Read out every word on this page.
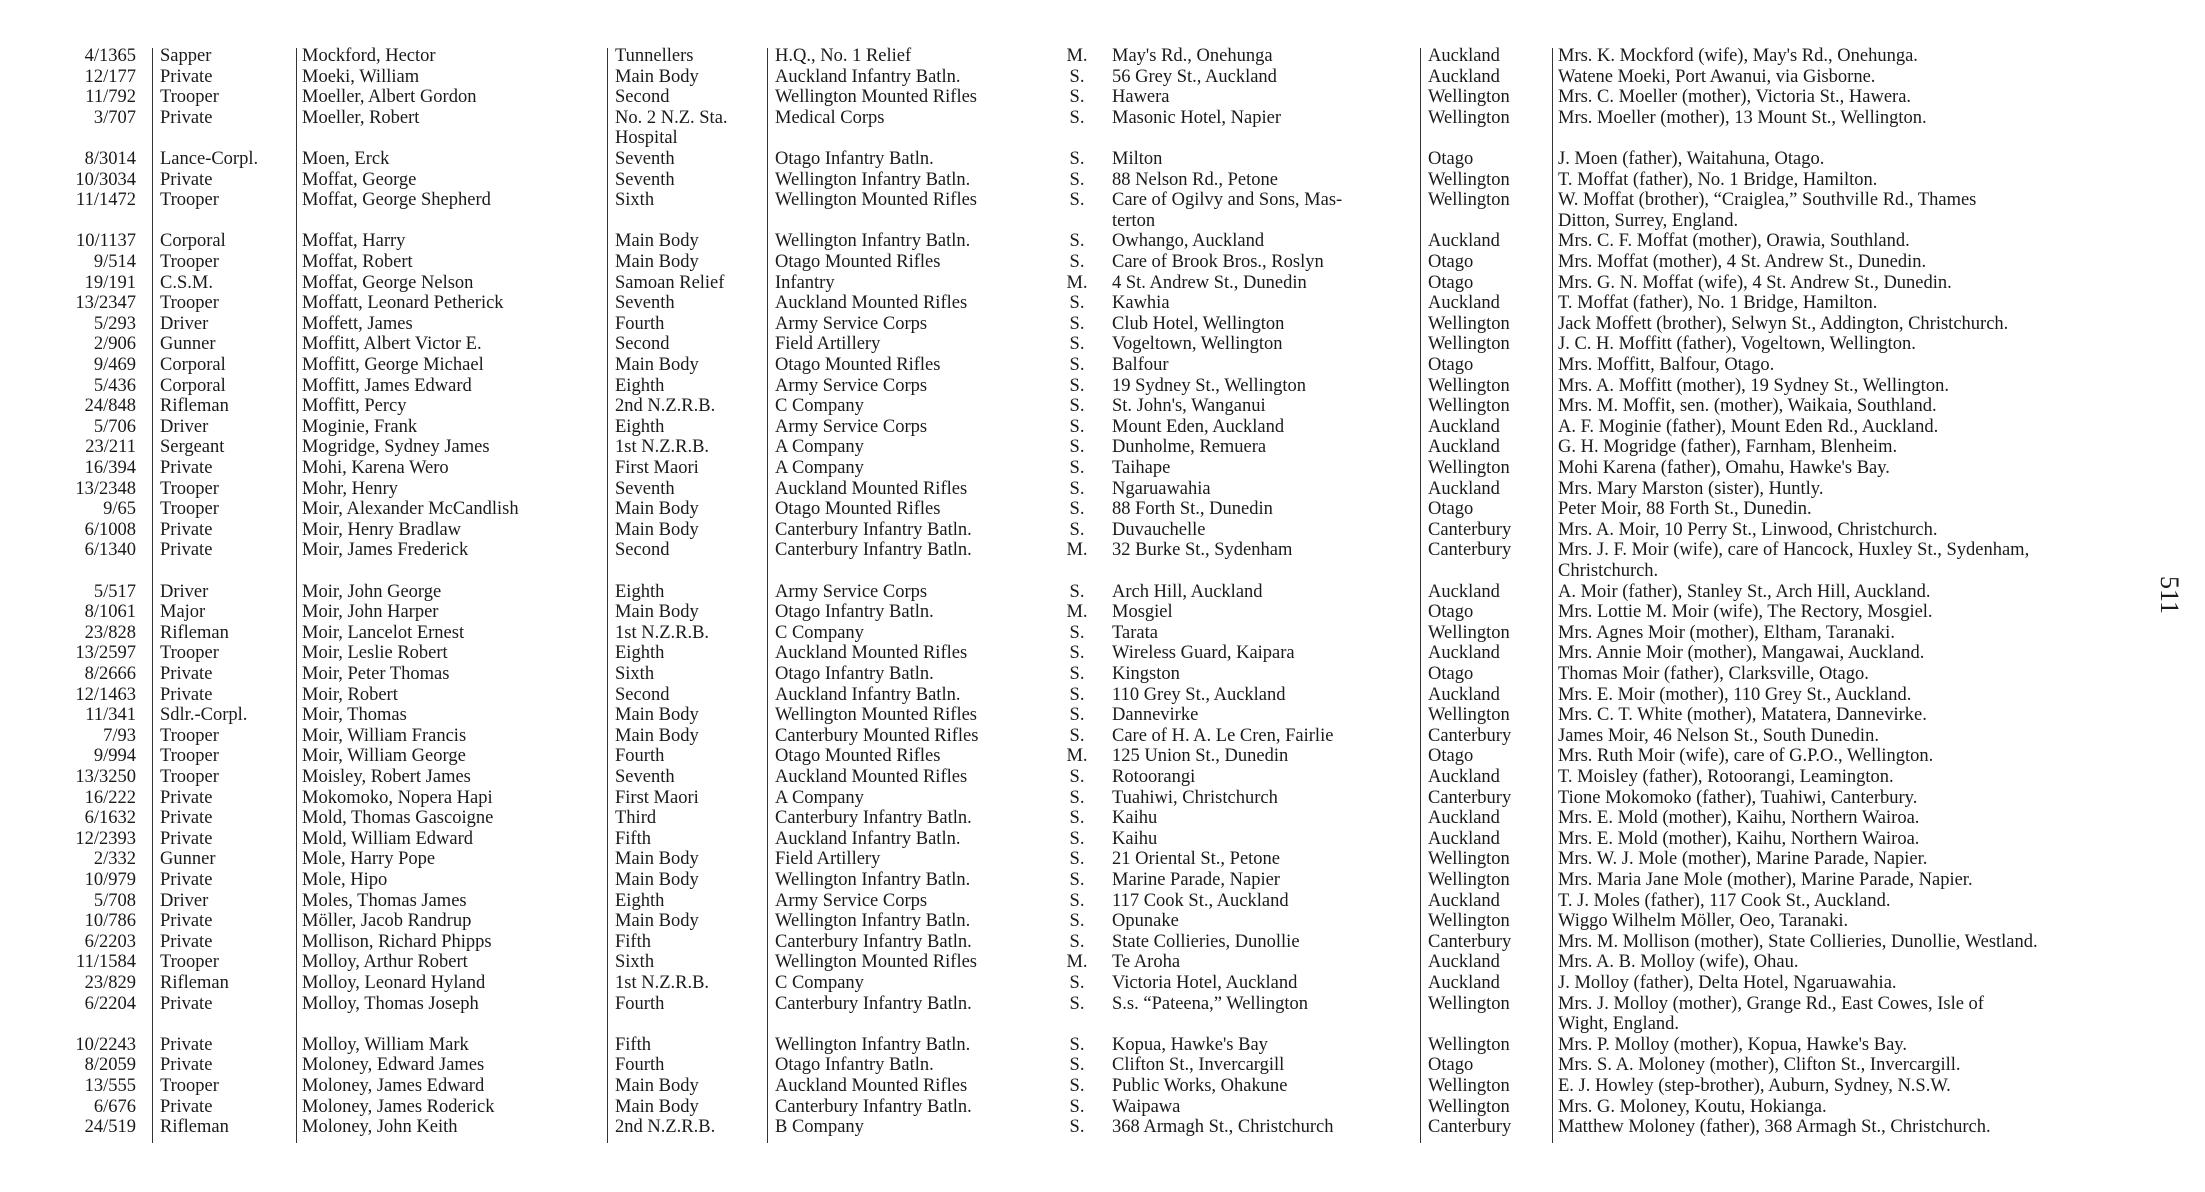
4/1365 Sapper	Mockford, Hector	Tunnellers	H.Q., No. 1 Relief	M.	May's Rd., Onehunga	Auckland	Mrs. K. Mockford (wife), May's Rd., Onehunga.
12/177 Private	Moeki, William	Main Body	Auckland Infantry Batln.	S.	56 Grey St., Auckland	Auckland	Watene Moeki, Port Awanui, via Gisborne.
11/792 Trooper	Moeller, Albert Gordon	Second	Wellington Mounted Rifles	S.	Hawera	Wellington	Mrs. C. Moeller (mother), Victoria St., Hawera.
3/707 Private	Moeller, Robert	No. 2 N.Z. Sta.	Medical Corps	S.	Masonic Hotel, Napier	Wellington	Mrs. Moeller (mother), 13 Mount St., Wellington.
Hospital
8/3014 Lance-Corpl.	Moen, Erck	Seventh	Otago Infantry Batln.	S.	Milton	Otago	J. Moen (father), Waitahuna, Otago.
10/3034 Private	Moffat, George	Seventh	Wellington Infantry Batln.	S.	88 Nelson Rd., Petone	Wellington	T. Moffat (father), No. 1 Bridge, Hamilton.
11/1472 Trooper	Moffat, George Shepherd	Sixth	Wellington Mounted Rifles	S.	Care of Ogilvy and Sons, Mas-	Wellington	W. Moffat (brother), “Craiglea,” Southville Rd., Thames
terton	Ditton, Surrey, England.
10/1137 Corporal	Moffat, Harry	Main Body	Wellington Infantry Batln.	S.	Owhango, Auckland	Auckland	Mrs. C. F. Moffat (mother), Orawia, Southland.
9/514 Trooper	Moffat, Robert	Main Body	Otago Mounted Rifles	S.	Care of Brook Bros., Roslyn	Otago	Mrs. Moffat (mother), 4 St. Andrew St., Dunedin.
19/191 C.S.M.	Moffat, George Nelson	Samoan Relief	Infantry	M.	4 St. Andrew St., Dunedin	Otago	Mrs. G. N. Moffat (wife), 4 St. Andrew St., Dunedin.
13/2347 Trooper	Moffatt, Leonard Petherick	Seventh	Auckland Mounted Rifles	S.	Kawhia	Auckland	T. Moffat (father), No. 1 Bridge, Hamilton.
5/293 Driver	Moffett, James	Fourth	Army Service Corps	S.	Club Hotel, Wellington	Wellington	Jack Moffett (brother), Selwyn St., Addington, Christchurch.
2/906 Gunner	Moffitt, Albert Victor E.	Second	Field Artillery	S.	Vogeltown, Wellington	Wellington	J. C. H. Moffitt (father), Vogeltown, Wellington.
9/469 Corporal	Moffitt, George Michael	Main Body	Otago Mounted Rifles	S.	Balfour	Otago	Mrs. Moffitt, Balfour, Otago.
5/436 Corporal	Moffitt, James Edward	Eighth	Army Service Corps	S.	19 Sydney St., Wellington	Wellington	Mrs. A. Moffitt (mother), 19 Sydney St., Wellington.
24/848 Rifleman	Moffitt, Percy	2nd N.Z.R.B.	C Company	S.	St. John's, Wanganui	Wellington	Mrs. M. Moffit, sen. (mother), Waikaia, Southland.
5/706 Driver	Moginie, Frank	Eighth	Army Service Corps	S.	Mount Eden, Auckland	Auckland	A. F. Moginie (father), Mount Eden Rd., Auckland.
23/211 Sergeant	Mogridge, Sydney James	1st N.Z.R.B.	A Company	S.	Dunholme, Remuera	Auckland	G. H. Mogridge (father), Farnham, Blenheim.
16/394 Private	Mohi, Karena Wero	First Maori	A Company	S.	Taihape	Wellington	Mohi Karena (father), Omahu, Hawke's Bay.
13/2348 Trooper	Mohr, Henry	Seventh	Auckland Mounted Rifles	S.	Ngaruawahia	Auckland	Mrs. Mary Marston (sister), Huntly.
9/65 Trooper	Moir, Alexander McCandlish	Main Body	Otago Mounted Rifles	S.	88 Forth St., Dunedin	Otago	Peter Moir, 88 Forth St., Dunedin.
6/1008 Private	Moir, Henry Bradlaw	Main Body	Canterbury Infantry Batln.	S.	Duvauchelle	Canterbury	Mrs. A. Moir, 10 Perry St., Linwood, Christchurch.
6/1340 Private	Moir, James Frederick	Second	Canterbury Infantry Batln.	M.	32 Burke St., Sydenham	Canterbury	Mrs. J. F. Moir (wife), care of Hancock, Huxley St., Sydenham,
Christchurch.
5/517 Driver	Moir, John George	Eighth	Army Service Corps	S.	Arch Hill, Auckland	Auckland	A. Moir (father), Stanley St., Arch Hill, Auckland.
8/1061 Major	Moir, John Harper	Main Body	Otago Infantry Batln.	M.	Mosgiel	Otago	Mrs. Lottie M. Moir (wife), The Rectory, Mosgiel.
23/828 Rifleman	Moir, Lancelot Ernest	1st N.Z.R.B.	C Company	S.	Tarata	Wellington	Mrs. Agnes Moir (mother), Eltham, Taranaki.
13/2597 Trooper	Moir, Leslie Robert	Eighth	Auckland Mounted Rifles	S.	Wireless Guard, Kaipara	Auckland	Mrs. Annie Moir (mother), Mangawai, Auckland.
8/2666 Private	Moir, Peter Thomas	Sixth	Otago Infantry Batln.	S.	Kingston	Otago	Thomas Moir (father), Clarksville, Otago.
12/1463 Private	Moir, Robert	Second	Auckland Infantry Batln.	S.	110 Grey St., Auckland	Auckland	Mrs. E. Moir (mother), 110 Grey St., Auckland.
11/341 Sdlr.-Corpl.	Moir, Thomas	Main Body	Wellington Mounted Rifles	S.	Dannevirke	Wellington	Mrs. C. T. White (mother), Matatera, Dannevirke.
7/93 Trooper	Moir, William Francis	Main Body	Canterbury Mounted Rifles	S.	Care of H. A. Le Cren, Fairlie	Canterbury	James Moir, 46 Nelson St., South Dunedin.
9/994 Trooper	Moir, William George	Fourth	Otago Mounted Rifles	M.	125 Union St., Dunedin	Otago	Mrs. Ruth Moir (wife), care of G.P.O., Wellington.
13/3250 Trooper	Moisley, Robert James	Seventh	Auckland Mounted Rifles	S.	Rotoorangi	Auckland	T. Moisley (father), Rotoorangi, Leamington.
16/222 Private	Mokomoko, Nopera Hapi	First Maori	A Company	S.	Tuahiwi, Christchurch	Canterbury	Tione Mokomoko (father), Tuahiwi, Canterbury.
6/1632 Private	Mold, Thomas Gascoigne	Third	Canterbury Infantry Batln.	S.	Kaihu	Auckland	Mrs. E. Mold (mother), Kaihu, Northern Wairoa.
12/2393 Private	Mold, William Edward	Fifth	Auckland Infantry Batln.	S.	Kaihu	Auckland	Mrs. E. Mold (mother), Kaihu, Northern Wairoa.
2/332 Gunner	Mole, Harry Pope	Main Body	Field Artillery	S.	21 Oriental St., Petone	Wellington	Mrs. W. J. Mole (mother), Marine Parade, Napier.
10/979 Private	Mole, Hipo	Main Body	Wellington Infantry Batln.	S.	Marine Parade, Napier	Wellington	Mrs. Maria Jane Mole (mother), Marine Parade, Napier.
5/708 Driver	Moles, Thomas James	Eighth	Army Service Corps	S.	117 Cook St., Auckland	Auckland	T. J. Moles (father), 117 Cook St., Auckland.
10/786 Private	Möller, Jacob Randrup	Main Body	Wellington Infantry Batln.	S.	Opunake	Wellington	Wiggo Wilhelm Möller, Oeo, Taranaki.
6/2203 Private	Mollison, Richard Phipps	Fifth	Canterbury Infantry Batln.	S.	State Collieries, Dunollie	Canterbury	Mrs. M. Mollison (mother), State Collieries, Dunollie, Westland.
11/1584 Trooper	Molloy, Arthur Robert	Sixth	Wellington Mounted Rifles	M.	Te Aroha	Auckland	Mrs. A. B. Molloy (wife), Ohau.
23/829 Rifleman	Molloy, Leonard Hyland	1st N.Z.R.B.	C Company	S.	Victoria Hotel, Auckland	Auckland	J. Molloy (father), Delta Hotel, Ngaruawahia.
6/2204 Private	Molloy, Thomas Joseph	Fourth	Canterbury Infantry Batln.	S.	S.s. “Pateena,” Wellington	Wellington	Mrs. J. Molloy (mother), Grange Rd., East Cowes, Isle of
Wight, England.
10/2243 Private	Molloy, William Mark	Fifth	Wellington Infantry Batln.	S.	Kopua, Hawke's Bay	Wellington	Mrs. P. Molloy (mother), Kopua, Hawke's Bay.
8/2059 Private	Moloney, Edward James	Fourth	Otago Infantry Batln.	S.	Clifton St., Invercargill	Otago	Mrs. S. A. Moloney (mother), Clifton St., Invercargill.
13/555 Trooper	Moloney, James Edward	Main Body	Auckland Mounted Rifles	S.	Public Works, Ohakune	Wellington	E. J. Howley (step-brother), Auburn, Sydney, N.S.W.
6/676 Private	Moloney, James Roderick	Main Body	Canterbury Infantry Batln.	S.	Waipawa	Wellington	Mrs. G. Moloney, Koutu, Hokianga.
24/519 Rifleman	Moloney, John Keith	2nd N.Z.R.B.	B Company	S.	368 Armagh St., Christchurch	Canterbury	Matthew Moloney (father), 368 Armagh St., Christchurch.
511
